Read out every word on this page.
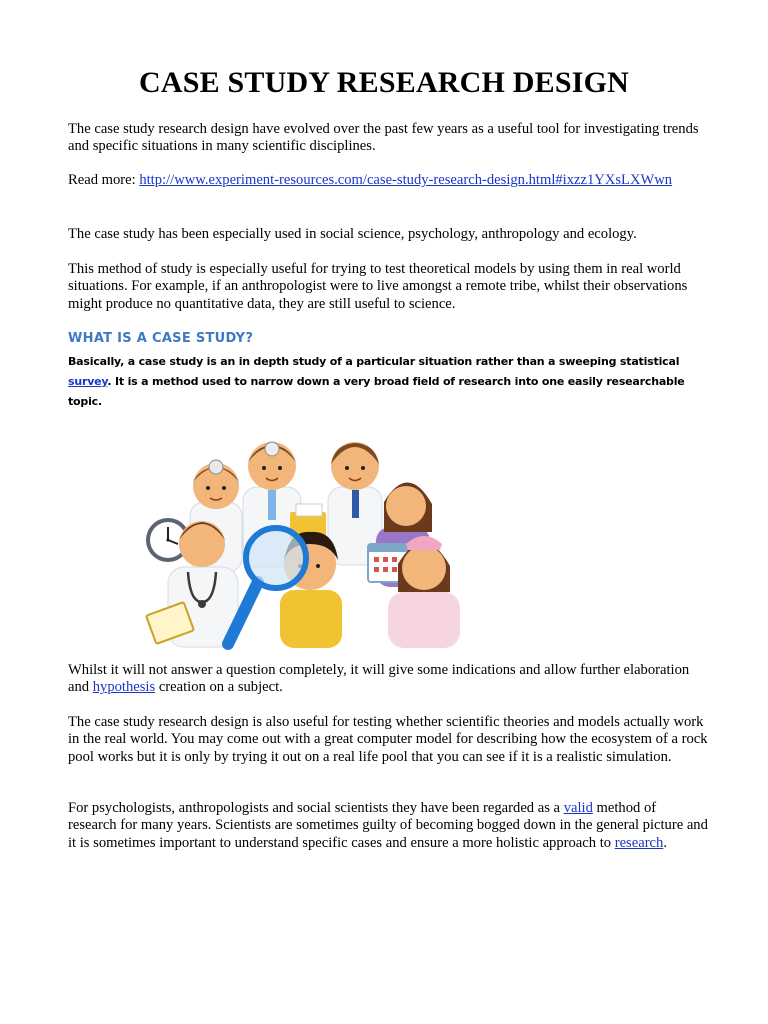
CASE STUDY RESEARCH DESIGN

The case study research design have evolved over the past few years as a useful tool for investigating trends and specific situations in many scientific disciplines.

Read more: http://www.experiment-resources.com/case-study-research-design.html#ixzz1YXsLXWwn

The case study has been especially used in social science, psychology, anthropology and ecology.

This method of study is especially useful for trying to test theoretical models by using them in real world situations. For example, if an anthropologist were to live amongst a remote tribe, whilst their observations might produce no quantitative data, they are still useful to science.

WHAT IS A CASE STUDY?

Basically, a case study is an in depth study of a particular situation rather than a sweeping statistical survey. It is a method used to narrow down a very broad field of research into one easily researchable topic.

Whilst it will not answer a question completely, it will give some indications and allow further elaboration and hypothesis creation on a subject.

The case study research design is also useful for testing whether scientific theories and models actually work in the real world. You may come out with a great computer model for describing how the ecosystem of a rock pool works but it is only by trying it out on a real life pool that you can see if it is a realistic simulation.

For psychologists, anthropologists and social scientists they have been regarded as a valid method of research for many years. Scientists are sometimes guilty of becoming bogged down in the general picture and it is sometimes important to understand specific cases and ensure a more holistic approach to research.
